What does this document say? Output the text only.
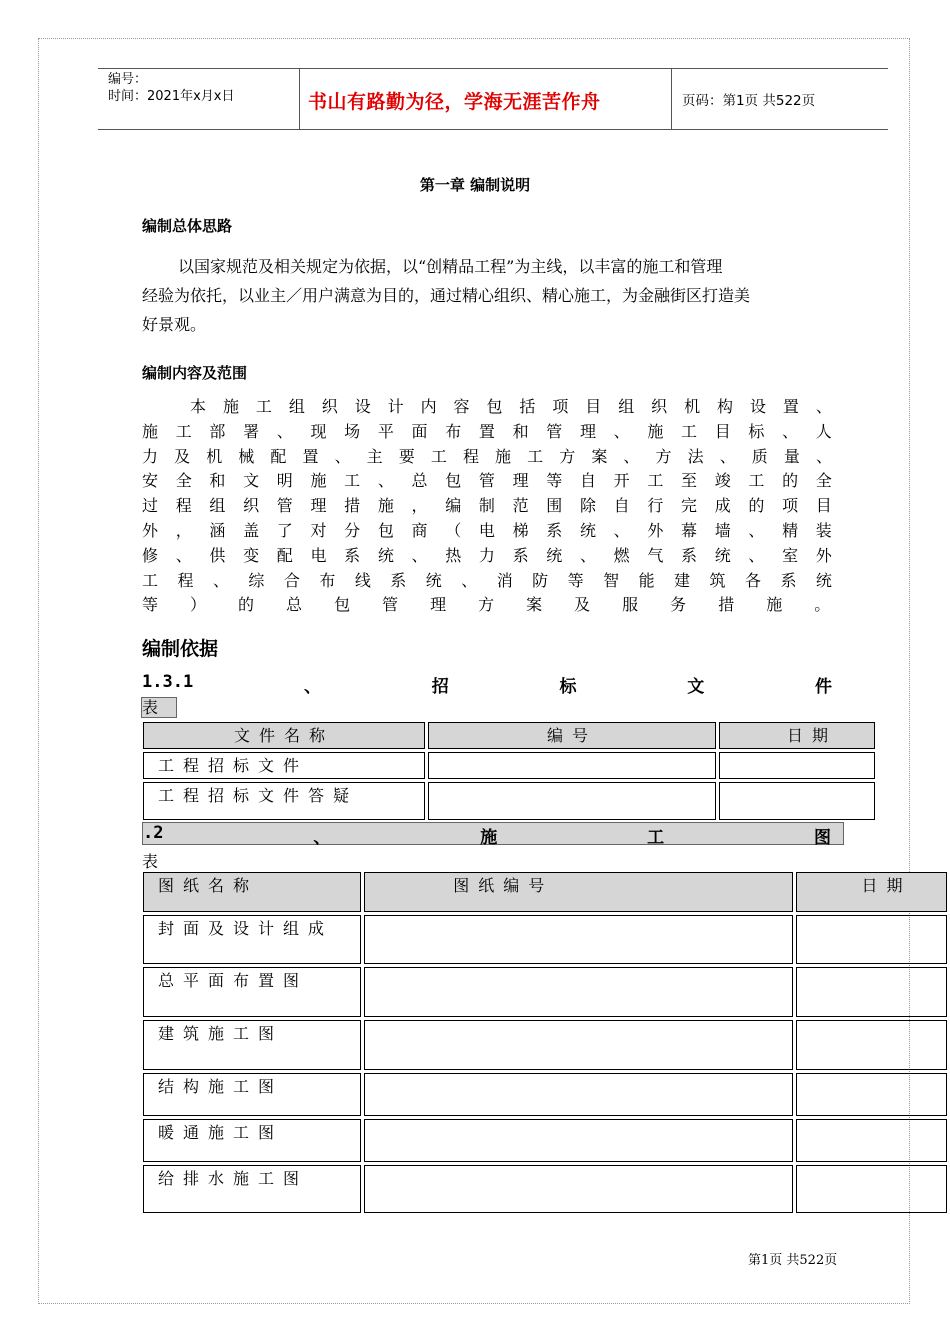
编号：
时间：2021年x月x日	书山有路勤为径，学海无涯苦作舟	页码：第1页 共522页
第一章 编制说明
编制总体思路
以国家规范及相关规定为依据，以“创精品工程”为主线，以丰富的施工和管理
经验为依托，以业主／用户满意为目的，通过精心组织、精心施工，为金融街区打造美
好景观。
编制内容及范围
本 施 工 组 织 设 计 内 容 包 括 项 目 组 织 机 构 设 置 、
施 工 部 署 、 现 场 平 面 布 置 和 管 理 、 施 工 目 标 、 人
力 及 机 械 配 置 、 主 要 工 程 施 工 方 案 、 方 法 、 质 量 、
安 全 和 文 明 施 工 、 总 包 管 理 等 自 开 工 至 竣 工 的 全
过 程 组 织 管 理 措 施 ， 编 制 范 围 除 自 行 完 成 的 项 目
外 ， 涵 盖 了 对 分 包 商 （ 电 梯 系 统 、 外 幕 墙 、 精 装
修 、 供 变 配 电 系 统 、 热 力 系 统 、 燃 气 系 统 、 室 外
工 程 、 综 合 布 线 系 统 、 消 防 等 智 能 建 筑 各 系 统
等 ） 的 总 包 管 理 方 案 及 服 务 措 施 。
编制依据
1.3.1	、	招	标	文	件
表
文件名称	编号	日期
工程招标文件		
工程招标文件答疑		
.2	、	施	工	图
表
图纸名称	图纸编号	日期
封面及设计组成		
总平面布置图		
建筑施工图		
结构施工图		
暖通施工图		
给排水施工图		
第1页 共522页
